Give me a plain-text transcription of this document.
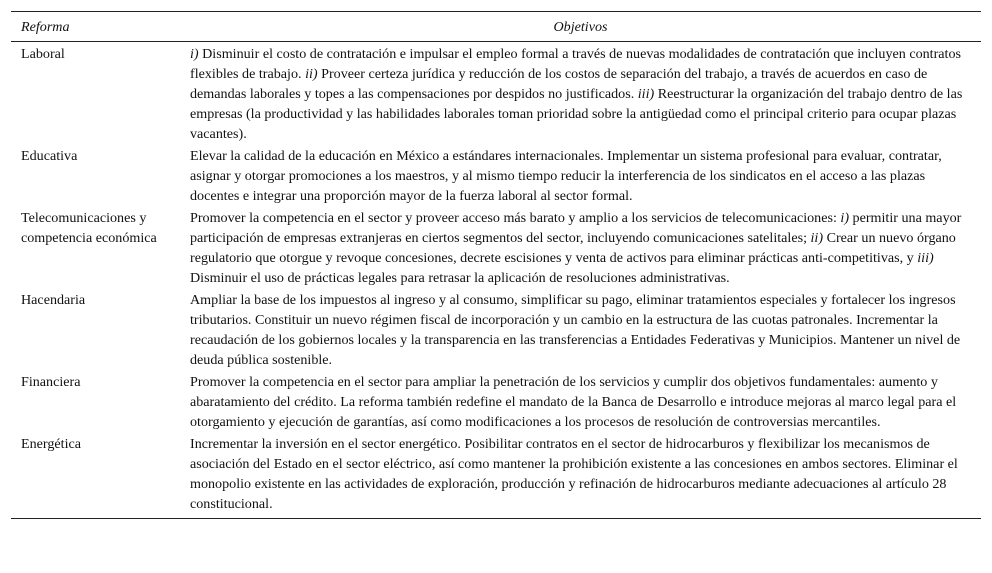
Reforma	Objetivos
Laboral	i) Disminuir el costo de contratación e impulsar el empleo formal a través de nuevas modalidades de contratación que incluyen contratos flexibles de trabajo. ii) Proveer certeza jurídica y reducción de los costos de separación del trabajo, a través de acuerdos en caso de demandas laborales y topes a las compensaciones por despidos no justificados. iii) Reestructurar la organización del trabajo dentro de las empresas (la productividad y las habilidades laborales toman prioridad sobre la antigüedad como el principal criterio para ocupar plazas vacantes).
Educativa	Elevar la calidad de la educación en México a estándares internacionales. Implementar un sistema profesional para evaluar, contratar, asignar y otorgar promociones a los maestros, y al mismo tiempo reducir la interferencia de los sindicatos en el acceso a las plazas docentes e integrar una proporción mayor de la fuerza laboral al sector formal.
Telecomunicaciones y competencia económica	Promover la competencia en el sector y proveer acceso más barato y amplio a los servicios de telecomunicaciones: i) permitir una mayor participación de empresas extranjeras en ciertos segmentos del sector, incluyendo comunicaciones satelitales; ii) Crear un nuevo órgano regulatorio que otorgue y revoque concesiones, decrete escisiones y venta de activos para eliminar prácticas anti-competitivas, y iii) Disminuir el uso de prácticas legales para retrasar la aplicación de resoluciones administrativas.
Hacendaria	Ampliar la base de los impuestos al ingreso y al consumo, simplificar su pago, eliminar tratamientos especiales y fortalecer los ingresos tributarios. Constituir un nuevo régimen fiscal de incorporación y un cambio en la estructura de las cuotas patronales. Incrementar la recaudación de los gobiernos locales y la transparencia en las transferencias a Entidades Federativas y Municipios. Mantener un nivel de deuda pública sostenible.
Financiera	Promover la competencia en el sector para ampliar la penetración de los servicios y cumplir dos objetivos fundamentales: aumento y abaratamiento del crédito. La reforma también redefine el mandato de la Banca de Desarrollo e introduce mejoras al marco legal para el otorgamiento y ejecución de garantías, así como modificaciones a los procesos de resolución de controversias mercantiles.
Energética	Incrementar la inversión en el sector energético. Posibilitar contratos en el sector de hidrocarburos y flexibilizar los mecanismos de asociación del Estado en el sector eléctrico, así como mantener la prohibición existente a las concesiones en ambos sectores. Eliminar el monopolio existente en las actividades de exploración, producción y refinación de hidrocarburos mediante adecuaciones al artículo 28 constitucional.
